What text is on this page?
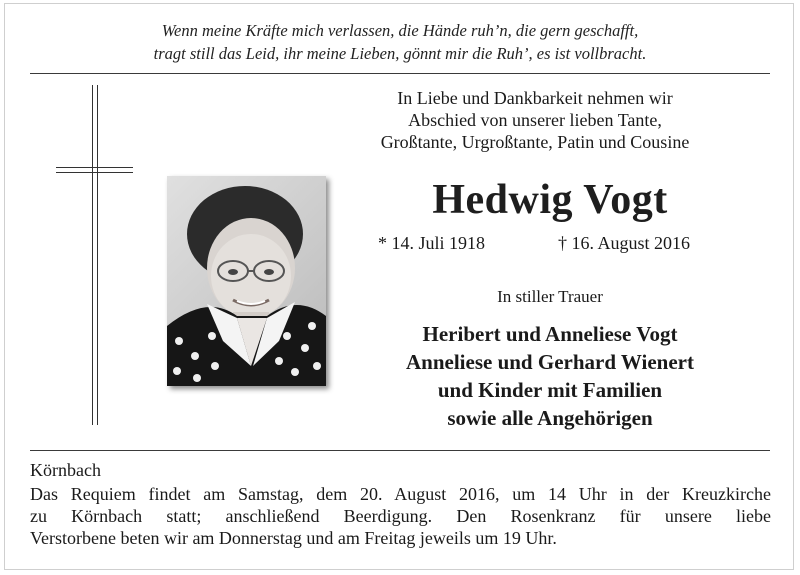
Wenn meine Kräfte mich verlassen, die Hände ruh’n, die gern geschafft,
tragt still das Leid, ihr meine Lieben, gönnt mir die Ruh’, es ist vollbracht.
In Liebe und Dankbarkeit nehmen wir
Abschied von unserer lieben Tante,
Großtante, Urgroßtante, Patin und Cousine
Hedwig Vogt
* 14. Juli 1918	† 16. August 2016
In stiller Trauer
Heribert und Anneliese Vogt
Anneliese und Gerhard Wienert
und Kinder mit Familien
sowie alle Angehörigen
Körnbach
Das Requiem findet am Samstag, dem 20. August 2016, um 14 Uhr in der Kreuzkirche
zu Körnbach statt; anschließend Beerdigung. Den Rosenkranz für unsere liebe
Verstorbene beten wir am Donnerstag und am Freitag jeweils um 19 Uhr.
